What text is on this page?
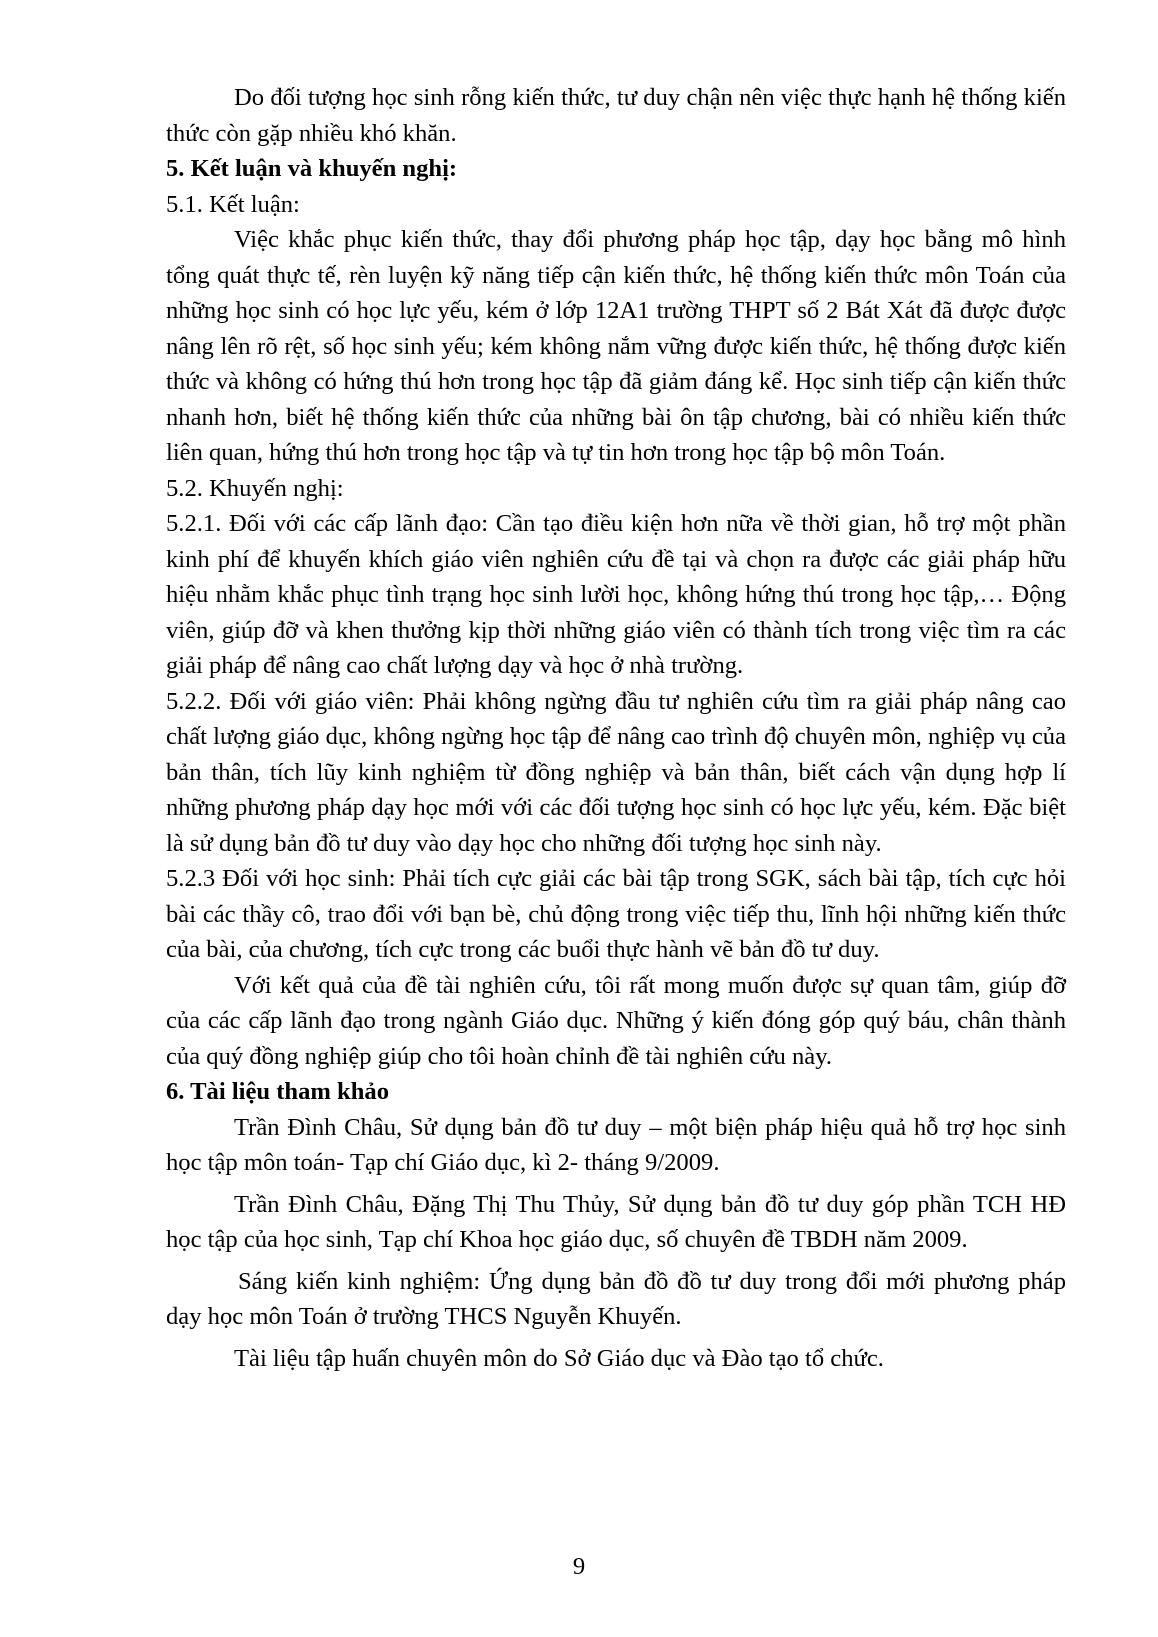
Do đối tượng học sinh rỗng kiến thức, tư duy chận nên việc thực hạnh hệ thống kiến thức còn gặp nhiều khó khăn.

5. Kết luận và khuyến nghị:

5.1. Kết luận:

Việc khắc phục kiến thức, thay đổi phương pháp học tập, dạy học bằng mô hình tổng quát thực tế, rèn luyện kỹ năng tiếp cận kiến thức, hệ thống kiến thức môn Toán của những học sinh có học lực yếu, kém ở lớp 12A1 trường THPT số 2 Bát Xát đã được được nâng lên rõ rệt, số học sinh yếu; kém không nắm vững được kiến thức, hệ thống được kiến thức và không có hứng thú hơn trong học tập đã giảm đáng kể. Học sinh tiếp cận kiến thức nhanh hơn, biết hệ thống kiến thức của những bài ôn tập chương, bài có nhiều kiến thức liên quan, hứng thú hơn trong học tập và tự tin hơn trong học tập bộ môn Toán.

5.2. Khuyến nghị:

5.2.1. Đối với các cấp lãnh đạo: Cần tạo điều kiện hơn nữa về thời gian, hỗ trợ một phần kinh phí để khuyến khích giáo viên nghiên cứu đề tại và chọn ra được các giải pháp hữu hiệu nhằm khắc phục tình trạng học sinh lười học, không hứng thú trong học tập,… Động viên, giúp đỡ và khen thưởng kịp thời những giáo viên có thành tích trong việc tìm ra các giải pháp để nâng cao chất lượng dạy và học ở nhà trường.

5.2.2. Đối với giáo viên: Phải không ngừng đầu tư nghiên cứu tìm ra giải pháp nâng cao chất lượng giáo dục, không ngừng học tập để nâng cao trình độ chuyên môn, nghiệp vụ của bản thân, tích lũy kinh nghiệm từ đồng nghiệp và bản thân, biết cách vận dụng hợp lí những phương pháp dạy học mới với các đối tượng học sinh có học lực yếu, kém. Đặc biệt là sử dụng bản đồ tư duy vào dạy học cho những đối tượng học sinh này.

5.2.3 Đối với học sinh: Phải tích cực giải các bài tập trong SGK, sách bài tập, tích cực hỏi bài các thầy cô, trao đổi với bạn bè, chủ động trong việc tiếp thu, lĩnh hội những kiến thức của bài, của chương, tích cực trong các buổi thực hành vẽ bản đồ tư duy.

Với kết quả của đề tài nghiên cứu, tôi rất mong muốn được sự quan tâm, giúp đỡ của các cấp lãnh đạo trong ngành Giáo dục. Những ý kiến đóng góp quý báu, chân thành của quý đồng nghiệp giúp cho tôi hoàn chỉnh đề tài nghiên cứu này.

6. Tài liệu tham khảo

Trần Đình Châu, Sử dụng bản đồ tư duy – một biện pháp hiệu quả hỗ trợ học sinh học tập môn toán- Tạp chí Giáo dục, kì 2- tháng 9/2009.

Trần Đình Châu, Đặng Thị Thu Thủy, Sử dụng bản đồ tư duy góp phần TCH HĐ học tập của học sinh, Tạp chí Khoa học giáo dục, số chuyên đề TBDH năm 2009.

Sáng kiến kinh nghiệm: Ứng dụng bản đồ đồ tư duy trong đổi mới phương pháp dạy học môn Toán ở trường THCS Nguyễn Khuyến.

Tài liệu tập huấn chuyên môn do Sở Giáo dục và Đào tạo tổ chức.

9
